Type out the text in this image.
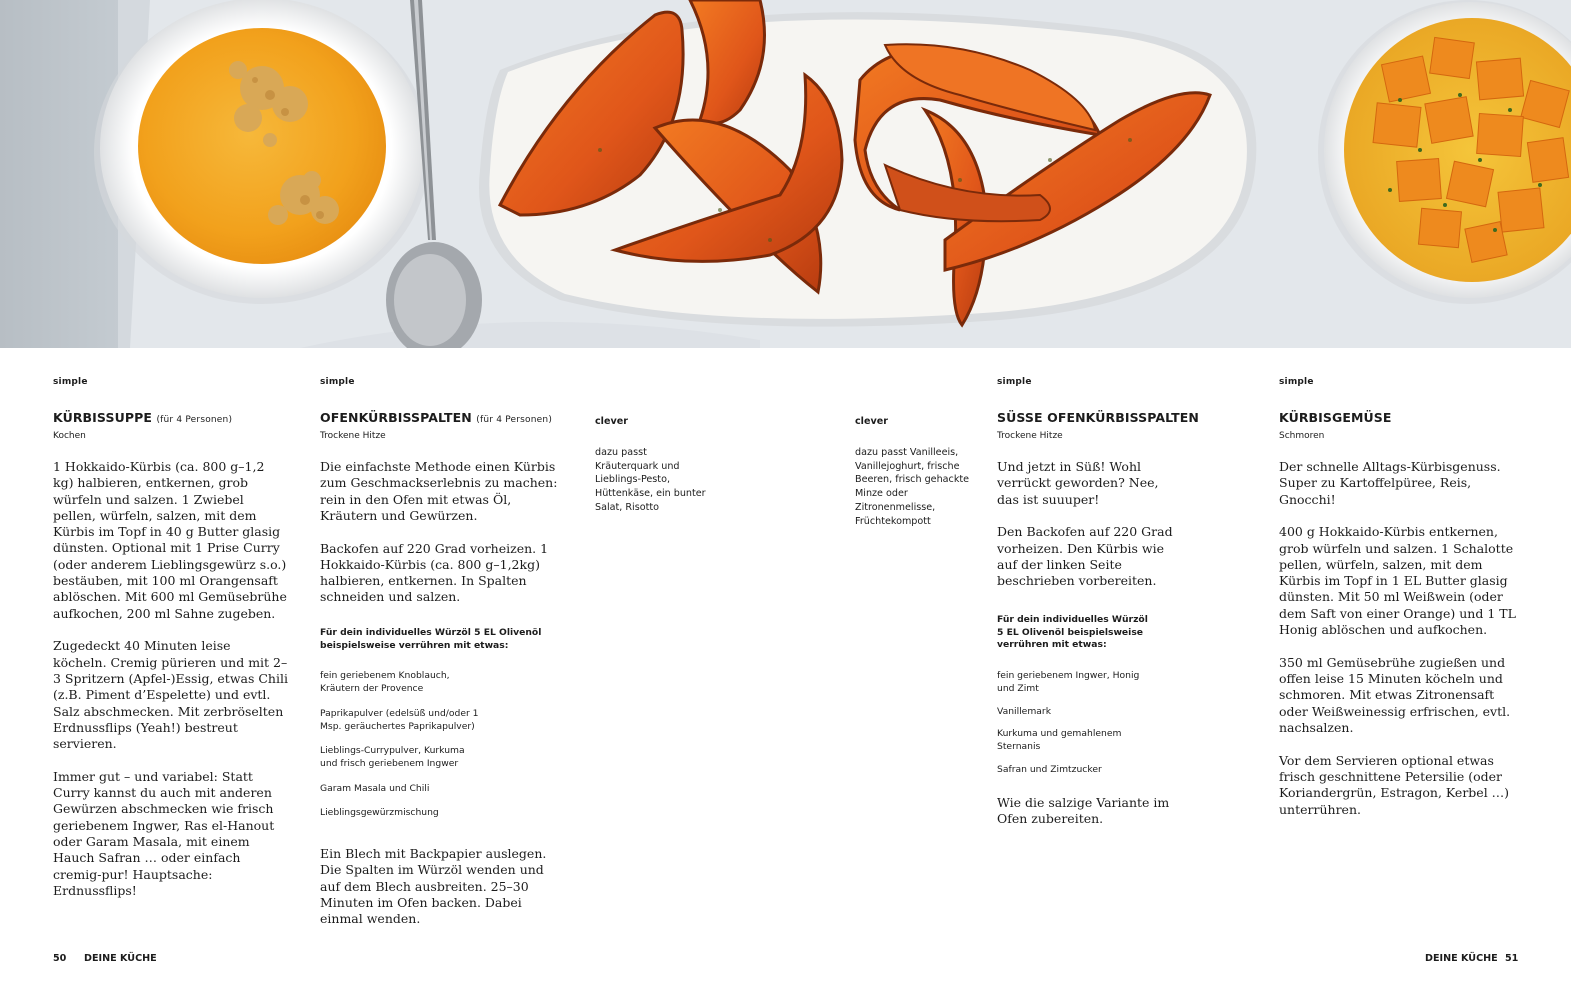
simple

KÜRBISSUPPE (für 4 Personen)
Kochen

1 Hokkaido-Kürbis (ca. 800 g–1,2 kg) halbieren, entkernen, grob würfeln und salzen. 1 Zwiebel pellen, würfeln, salzen, mit dem Kürbis im Topf in 40 g Butter glasig dünsten. Optional mit 1 Prise Curry (oder anderem Lieblingsgewürz s.o.) bestäuben, mit 100 ml Orangensaft ablöschen. Mit 600 ml Gemüsebrühe aufkochen, 200 ml Sahne zugeben.

Zugedeckt 40 Minuten leise köcheln. Cremig pürieren und mit 2–3 Spritzern (Apfel-)Essig, etwas Chili (z.B. Piment d’Espelette) und evtl. Salz abschmecken. Mit zerbröselten Erdnussflips (Yeah!) bestreut servieren.

Immer gut – und variabel: Statt Curry kannst du auch mit anderen Gewürzen abschmecken wie frisch geriebenem Ingwer, Ras el-Hanout oder Garam Masala, mit einem Hauch Safran … oder einfach cremig-pur! Hauptsache: Erdnussflips!

simple

OFENKÜRBISSPALTEN (für 4 Personen)
Trockene Hitze

Die einfachste Methode einen Kürbis zum Geschmackserlebnis zu machen: rein in den Ofen mit etwas Öl, Kräutern und Gewürzen.

Backofen auf 220 Grad vorheizen. 1 Hokkaido-Kürbis (ca. 800 g–1,2kg) halbieren, entkernen. In Spalten schneiden und salzen.

Für dein individuelles Würzöl 5 EL Olivenöl beispielsweise verrühren mit etwas:

fein geriebenem Knoblauch, Kräutern der Provence

Paprikapulver (edelsüß und/oder 1 Msp. geräuchertes Paprikapulver)

Lieblings-Currypulver, Kurkuma und frisch geriebenem Ingwer

Garam Masala und Chili

Lieblingsgewürzmischung

Ein Blech mit Backpapier auslegen. Die Spalten im Würzöl wenden und auf dem Blech ausbreiten. 25–30 Minuten im Ofen backen. Dabei einmal wenden.

clever

dazu passt Kräuterquark und Lieblings-Pesto, Hüttenkäse, ein bunter Salat, Risotto

clever

dazu passt Vanilleeis, Vanillejoghurt, frische Beeren, frisch gehackte Minze oder Zitronenmelisse, Früchtekompott

simple

SÜSSE OFENKÜRBISSPALTEN
Trockene Hitze

Und jetzt in Süß! Wohl verrückt geworden? Nee, das ist suuuper!

Den Backofen auf 220 Grad vorheizen. Den Kürbis wie auf der linken Seite beschrieben vorbereiten.

Für dein individuelles Würzöl 5 EL Olivenöl beispielsweise verrühren mit etwas:

fein geriebenem Ingwer, Honig und Zimt

Vanillemark

Kurkuma und gemahlenem Sternanis

Safran und Zimtzucker

Wie die salzige Variante im Ofen zubereiten.

simple

KÜRBISGEMÜSE
Schmoren

Der schnelle Alltags-Kürbisgenuss. Super zu Kartoffelpüree, Reis, Gnocchi!

400 g Hokkaido-Kürbis entkernen, grob würfeln und salzen. 1 Schalotte pellen, würfeln, salzen, mit dem Kürbis im Topf in 1 EL Butter glasig dünsten. Mit 50 ml Weißwein (oder dem Saft von einer Orange) und 1 TL Honig ablöschen und aufkochen.

350 ml Gemüsebrühe zugießen und offen leise 15 Minuten köcheln und schmoren. Mit etwas Zitronensaft oder Weißweinessig erfrischen, evtl. nachsalzen.

Vor dem Servieren optional etwas frisch geschnittene Petersilie (oder Koriandergrün, Estragon, Kerbel …) unterrühren.

50 DEINE KÜCHE	DEINE KÜCHE 51
